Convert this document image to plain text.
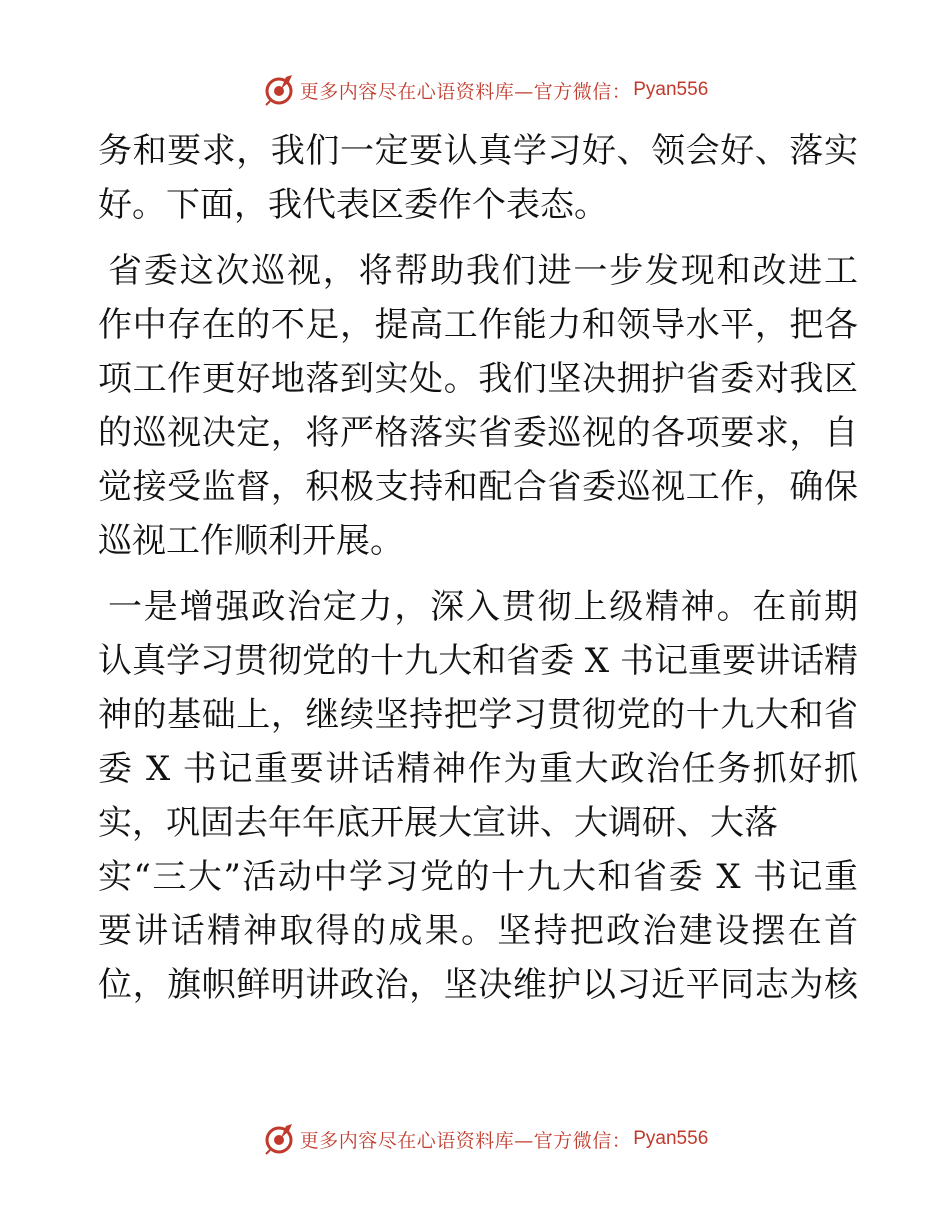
更多内容尽在心语资料库—官方微信： Pyan556
务和要求，我们一定要认真学习好、领会好、落实
好。下面，我代表区委作个表态。
省委这次巡视，将帮助我们进一步发现和改进工
作中存在的不足，提高工作能力和领导水平，把各
项工作更好地落到实处。我们坚决拥护省委对我区
的巡视决定，将严格落实省委巡视的各项要求，自
觉接受监督，积极支持和配合省委巡视工作，确保
巡视工作顺利开展。
一是增强政治定力，深入贯彻上级精神。在前期
认真学习贯彻党的十九大和省委 X 书记重要讲话精
神的基础上，继续坚持把学习贯彻党的十九大和省
委 X 书记重要讲话精神作为重大政治任务抓好抓
实，巩固去年年底开展大宣讲、大调研、大落
实“三大”活动中学习党的十九大和省委 X 书记重
要讲话精神取得的成果。坚持把政治建设摆在首
位，旗帜鲜明讲政治，坚决维护以习近平同志为核
更多内容尽在心语资料库—官方微信： Pyan556
